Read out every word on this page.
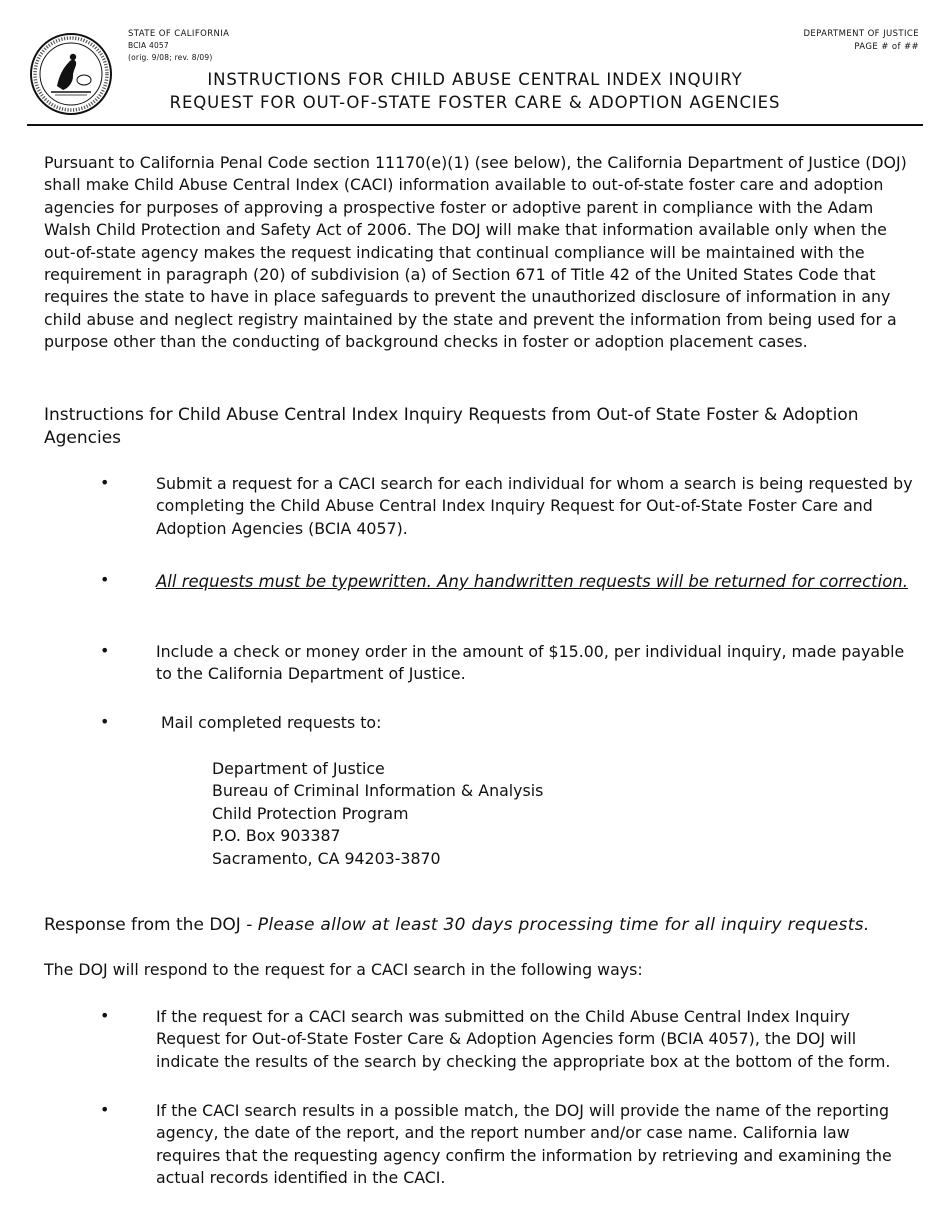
STATE OF CALIFORNIA
BCIA 4057
(orig. 9/08; rev. 8/09)
DEPARTMENT OF JUSTICE
PAGE # of ##
INSTRUCTIONS FOR CHILD ABUSE CENTRAL INDEX INQUIRY
REQUEST FOR OUT-OF-STATE FOSTER CARE & ADOPTION AGENCIES
Pursuant to California Penal Code section 11170(e)(1) (see below), the California Department of Justice (DOJ) shall make Child Abuse Central Index (CACI) information available to out-of-state foster care and adoption agencies for purposes of approving a prospective foster or adoptive parent in compliance with the Adam Walsh Child Protection and Safety Act of 2006. The DOJ will make that information available only when the out-of-state agency makes the request indicating that continual compliance will be maintained with the requirement in paragraph (20) of subdivision (a) of Section 671 of Title 42 of the United States Code that requires the state to have in place safeguards to prevent the unauthorized disclosure of information in any child abuse and neglect registry maintained by the state and prevent the information from being used for a purpose other than the conducting of background checks in foster or adoption placement cases.
Instructions for Child Abuse Central Index Inquiry Requests from Out-of State Foster & Adoption Agencies
•	Submit a request for a CACI search for each individual for whom a search is being requested by completing the Child Abuse Central Index Inquiry Request for Out-of-State Foster Care and Adoption Agencies (BCIA 4057).
•	All requests must be typewritten. Any handwritten requests will be returned for correction.
•	Include a check or money order in the amount of $15.00, per individual inquiry, made payable to the California Department of Justice.
•	Mail completed requests to:
Department of Justice
Bureau of Criminal Information & Analysis
Child Protection Program
P.O. Box 903387
Sacramento, CA 94203-3870
Response from the DOJ - Please allow at least 30 days processing time for all inquiry requests.
The DOJ will respond to the request for a CACI search in the following ways:
•	If the request for a CACI search was submitted on the Child Abuse Central Index Inquiry Request for Out-of-State Foster Care & Adoption Agencies form (BCIA 4057), the DOJ will indicate the results of the search by checking the appropriate box at the bottom of the form.
•	If the CACI search results in a possible match, the DOJ will provide the name of the reporting agency, the date of the report, and the report number and/or case name. California law requires that the requesting agency confirm the information by retrieving and examining the actual records identified in the CACI.
